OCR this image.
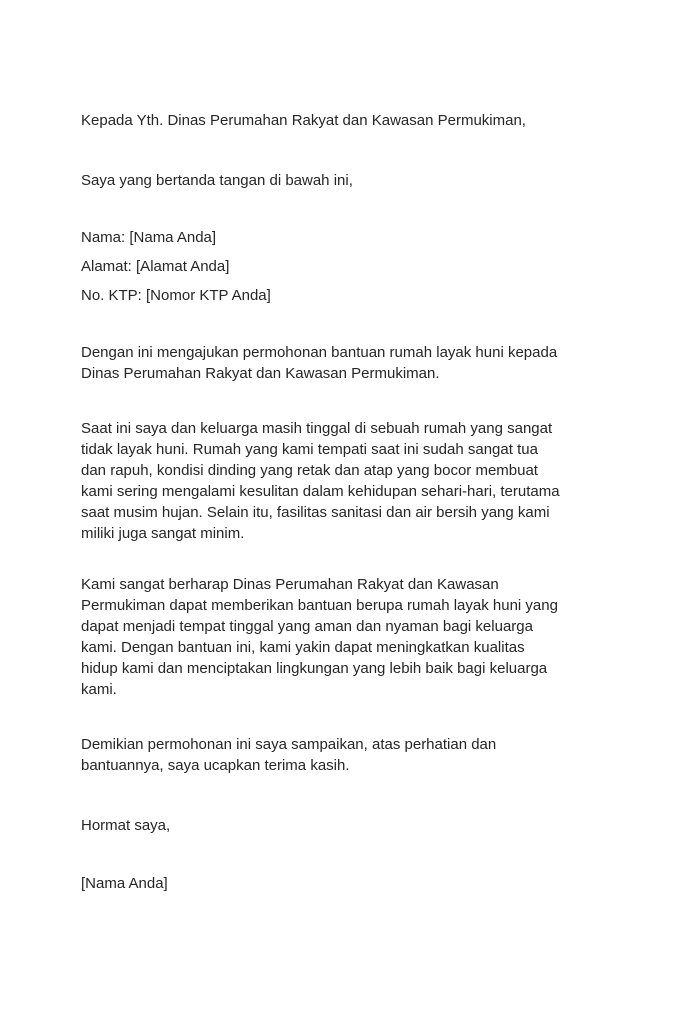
Kepada Yth. Dinas Perumahan Rakyat dan Kawasan Permukiman,
Saya yang bertanda tangan di bawah ini,
Nama: [Nama Anda]
Alamat: [Alamat Anda]
No. KTP: [Nomor KTP Anda]
Dengan ini mengajukan permohonan bantuan rumah layak huni kepada
Dinas Perumahan Rakyat dan Kawasan Permukiman.
Saat ini saya dan keluarga masih tinggal di sebuah rumah yang sangat
tidak layak huni. Rumah yang kami tempati saat ini sudah sangat tua
dan rapuh, kondisi dinding yang retak dan atap yang bocor membuat
kami sering mengalami kesulitan dalam kehidupan sehari-hari, terutama
saat musim hujan. Selain itu, fasilitas sanitasi dan air bersih yang kami
miliki juga sangat minim.
Kami sangat berharap Dinas Perumahan Rakyat dan Kawasan
Permukiman dapat memberikan bantuan berupa rumah layak huni yang
dapat menjadi tempat tinggal yang aman dan nyaman bagi keluarga
kami. Dengan bantuan ini, kami yakin dapat meningkatkan kualitas
hidup kami dan menciptakan lingkungan yang lebih baik bagi keluarga
kami.
Demikian permohonan ini saya sampaikan, atas perhatian dan
bantuannya, saya ucapkan terima kasih.
Hormat saya,
[Nama Anda]
